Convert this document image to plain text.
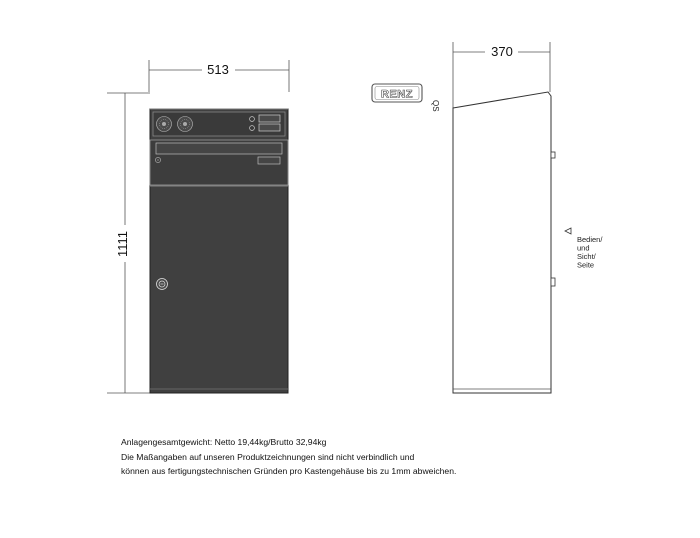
513
1111
RENZ
QS
370
Bedien/
und
Sicht/
Seite
Anlagengesamtgewicht: Netto 19,44kg/Brutto 32,94kg
Die Maßangaben auf unseren Produktzeichnungen sind nicht verbindlich und
können aus fertigungstechnischen Gründen pro Kastengehäuse bis zu 1mm abweichen.
